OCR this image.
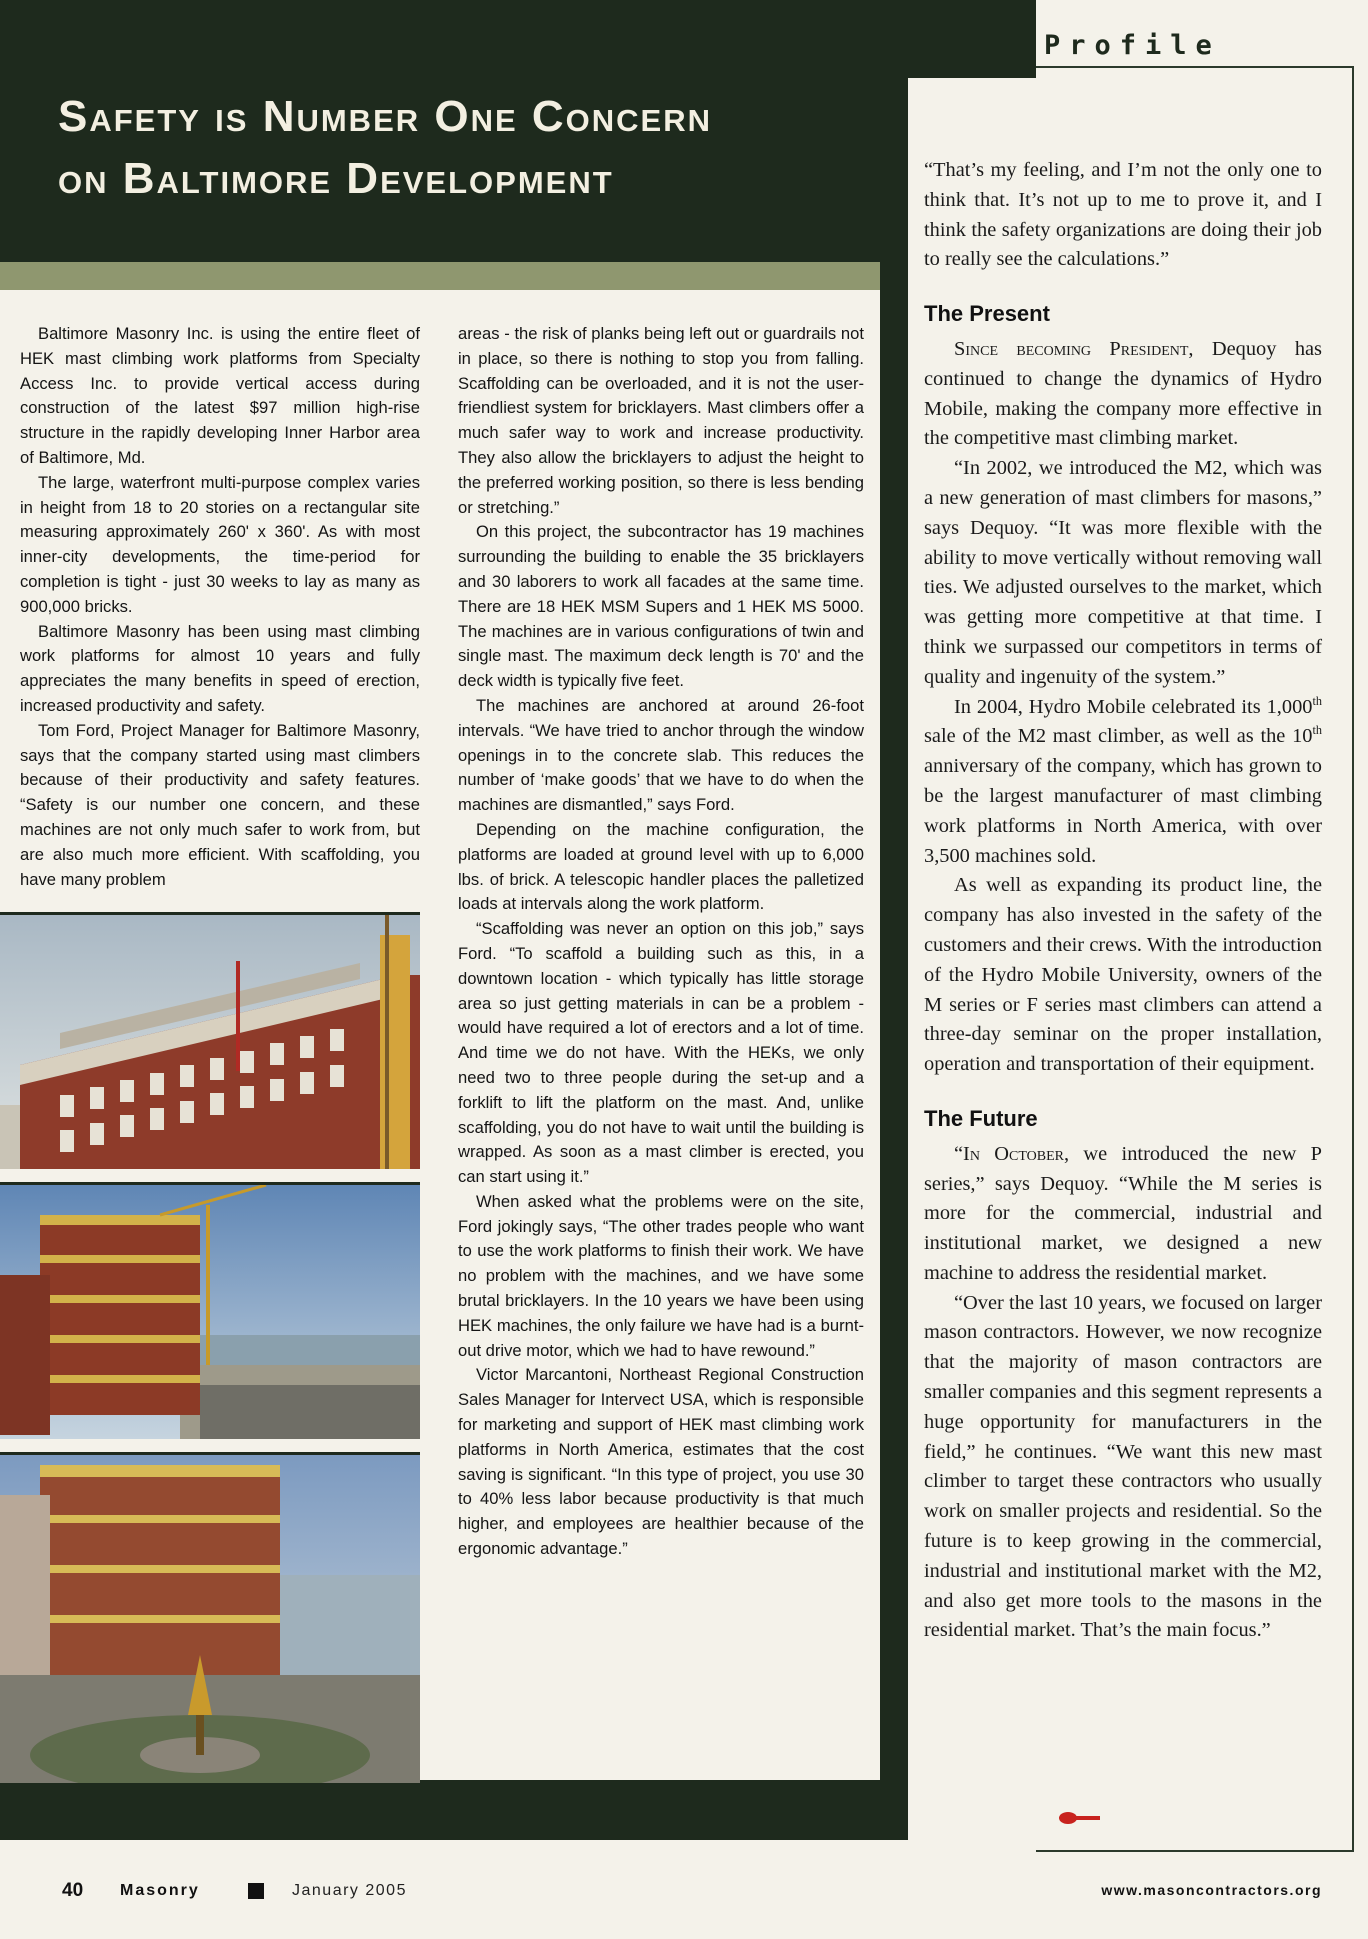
Profile
Safety is Number One Concern
on Baltimore Development

Baltimore Masonry Inc. is using the entire fleet of HEK mast climbing work platforms from Specialty Access Inc. to provide vertical access during construction of the latest $97 million high-rise structure in the rapidly developing Inner Harbor area of Baltimore, Md.

The large, waterfront multi-purpose complex varies in height from 18 to 20 stories on a rectangular site measuring approximately 260' x 360'. As with most inner-city developments, the time-period for completion is tight - just 30 weeks to lay as many as 900,000 bricks.

Baltimore Masonry has been using mast climbing work platforms for almost 10 years and fully appreciates the many benefits in speed of erection, increased productivity and safety.

Tom Ford, Project Manager for Baltimore Masonry, says that the company started using mast climbers because of their productivity and safety features. “Safety is our number one concern, and these machines are not only much safer to work from, but are also much more efficient. With scaffolding, you have many problem

areas - the risk of planks being left out or guardrails not in place, so there is nothing to stop you from falling. Scaffolding can be overloaded, and it is not the user-friendliest system for bricklayers. Mast climbers offer a much safer way to work and increase productivity. They also allow the bricklayers to adjust the height to the preferred working position, so there is less bending or stretching.”

On this project, the subcontractor has 19 machines surrounding the building to enable the 35 bricklayers and 30 laborers to work all facades at the same time. There are 18 HEK MSM Supers and 1 HEK MS 5000. The machines are in various configurations of twin and single mast. The maximum deck length is 70' and the deck width is typically five feet.

The machines are anchored at around 26-foot intervals. “We have tried to anchor through the window openings in to the concrete slab. This reduces the number of ‘make goods’ that we have to do when the machines are dismantled,” says Ford.

Depending on the machine configuration, the platforms are loaded at ground level with up to 6,000 lbs. of brick. A telescopic handler places the palletized loads at intervals along the work platform.

“Scaffolding was never an option on this job,” says Ford. “To scaffold a building such as this, in a downtown location - which typically has little storage area so just getting materials in can be a problem - would have required a lot of erectors and a lot of time. And time we do not have. With the HEKs, we only need two to three people during the set-up and a forklift to lift the platform on the mast. And, unlike scaffolding, you do not have to wait until the building is wrapped. As soon as a mast climber is erected, you can start using it.”

When asked what the problems were on the site, Ford jokingly says, “The other trades people who want to use the work platforms to finish their work. We have no problem with the machines, and we have some brutal bricklayers. In the 10 years we have been using HEK machines, the only failure we have had is a burnt-out drive motor, which we had to have rewound.”

Victor Marcantoni, Northeast Regional Construction Sales Manager for Intervect USA, which is responsible for marketing and support of HEK mast climbing work platforms in North America, estimates that the cost saving is significant. “In this type of project, you use 30 to 40% less labor because productivity is that much higher, and employees are healthier because of the ergonomic advantage.”

“That’s my feeling, and I’m not the only one to think that. It’s not up to me to prove it, and I think the safety organizations are doing their job to really see the calculations.”

The Present

Since becoming President, Dequoy has continued to change the dynamics of Hydro Mobile, making the company more effective in the competitive mast climbing market.

“In 2002, we introduced the M2, which was a new generation of mast climbers for masons,” says Dequoy. “It was more flexible with the ability to move vertically without removing wall ties. We adjusted ourselves to the market, which was getting more competitive at that time. I think we surpassed our competitors in terms of quality and ingenuity of the system.”

In 2004, Hydro Mobile celebrated its 1,000th sale of the M2 mast climber, as well as the 10th anniversary of the company, which has grown to be the largest manufacturer of mast climbing work platforms in North America, with over 3,500 machines sold.

As well as expanding its product line, the company has also invested in the safety of the customers and their crews. With the introduction of the Hydro Mobile University, owners of the M series or F series mast climbers can attend a three-day seminar on the proper installation, operation and transportation of their equipment.

The Future

“In October, we introduced the new P series,” says Dequoy. “While the M series is more for the commercial, industrial and institutional market, we designed a new machine to address the residential market.

“Over the last 10 years, we focused on larger mason contractors. However, we now recognize that the majority of mason contractors are smaller companies and this segment represents a huge opportunity for manufacturers in the field,” he continues. “We want this new mast climber to target these contractors who usually work on smaller projects and residential. So the future is to keep growing in the commercial, industrial and institutional market with the M2, and also get more tools to the masons in the residential market. That’s the main focus.”

40 Masonry	January 2005	www.masoncontractors.org
